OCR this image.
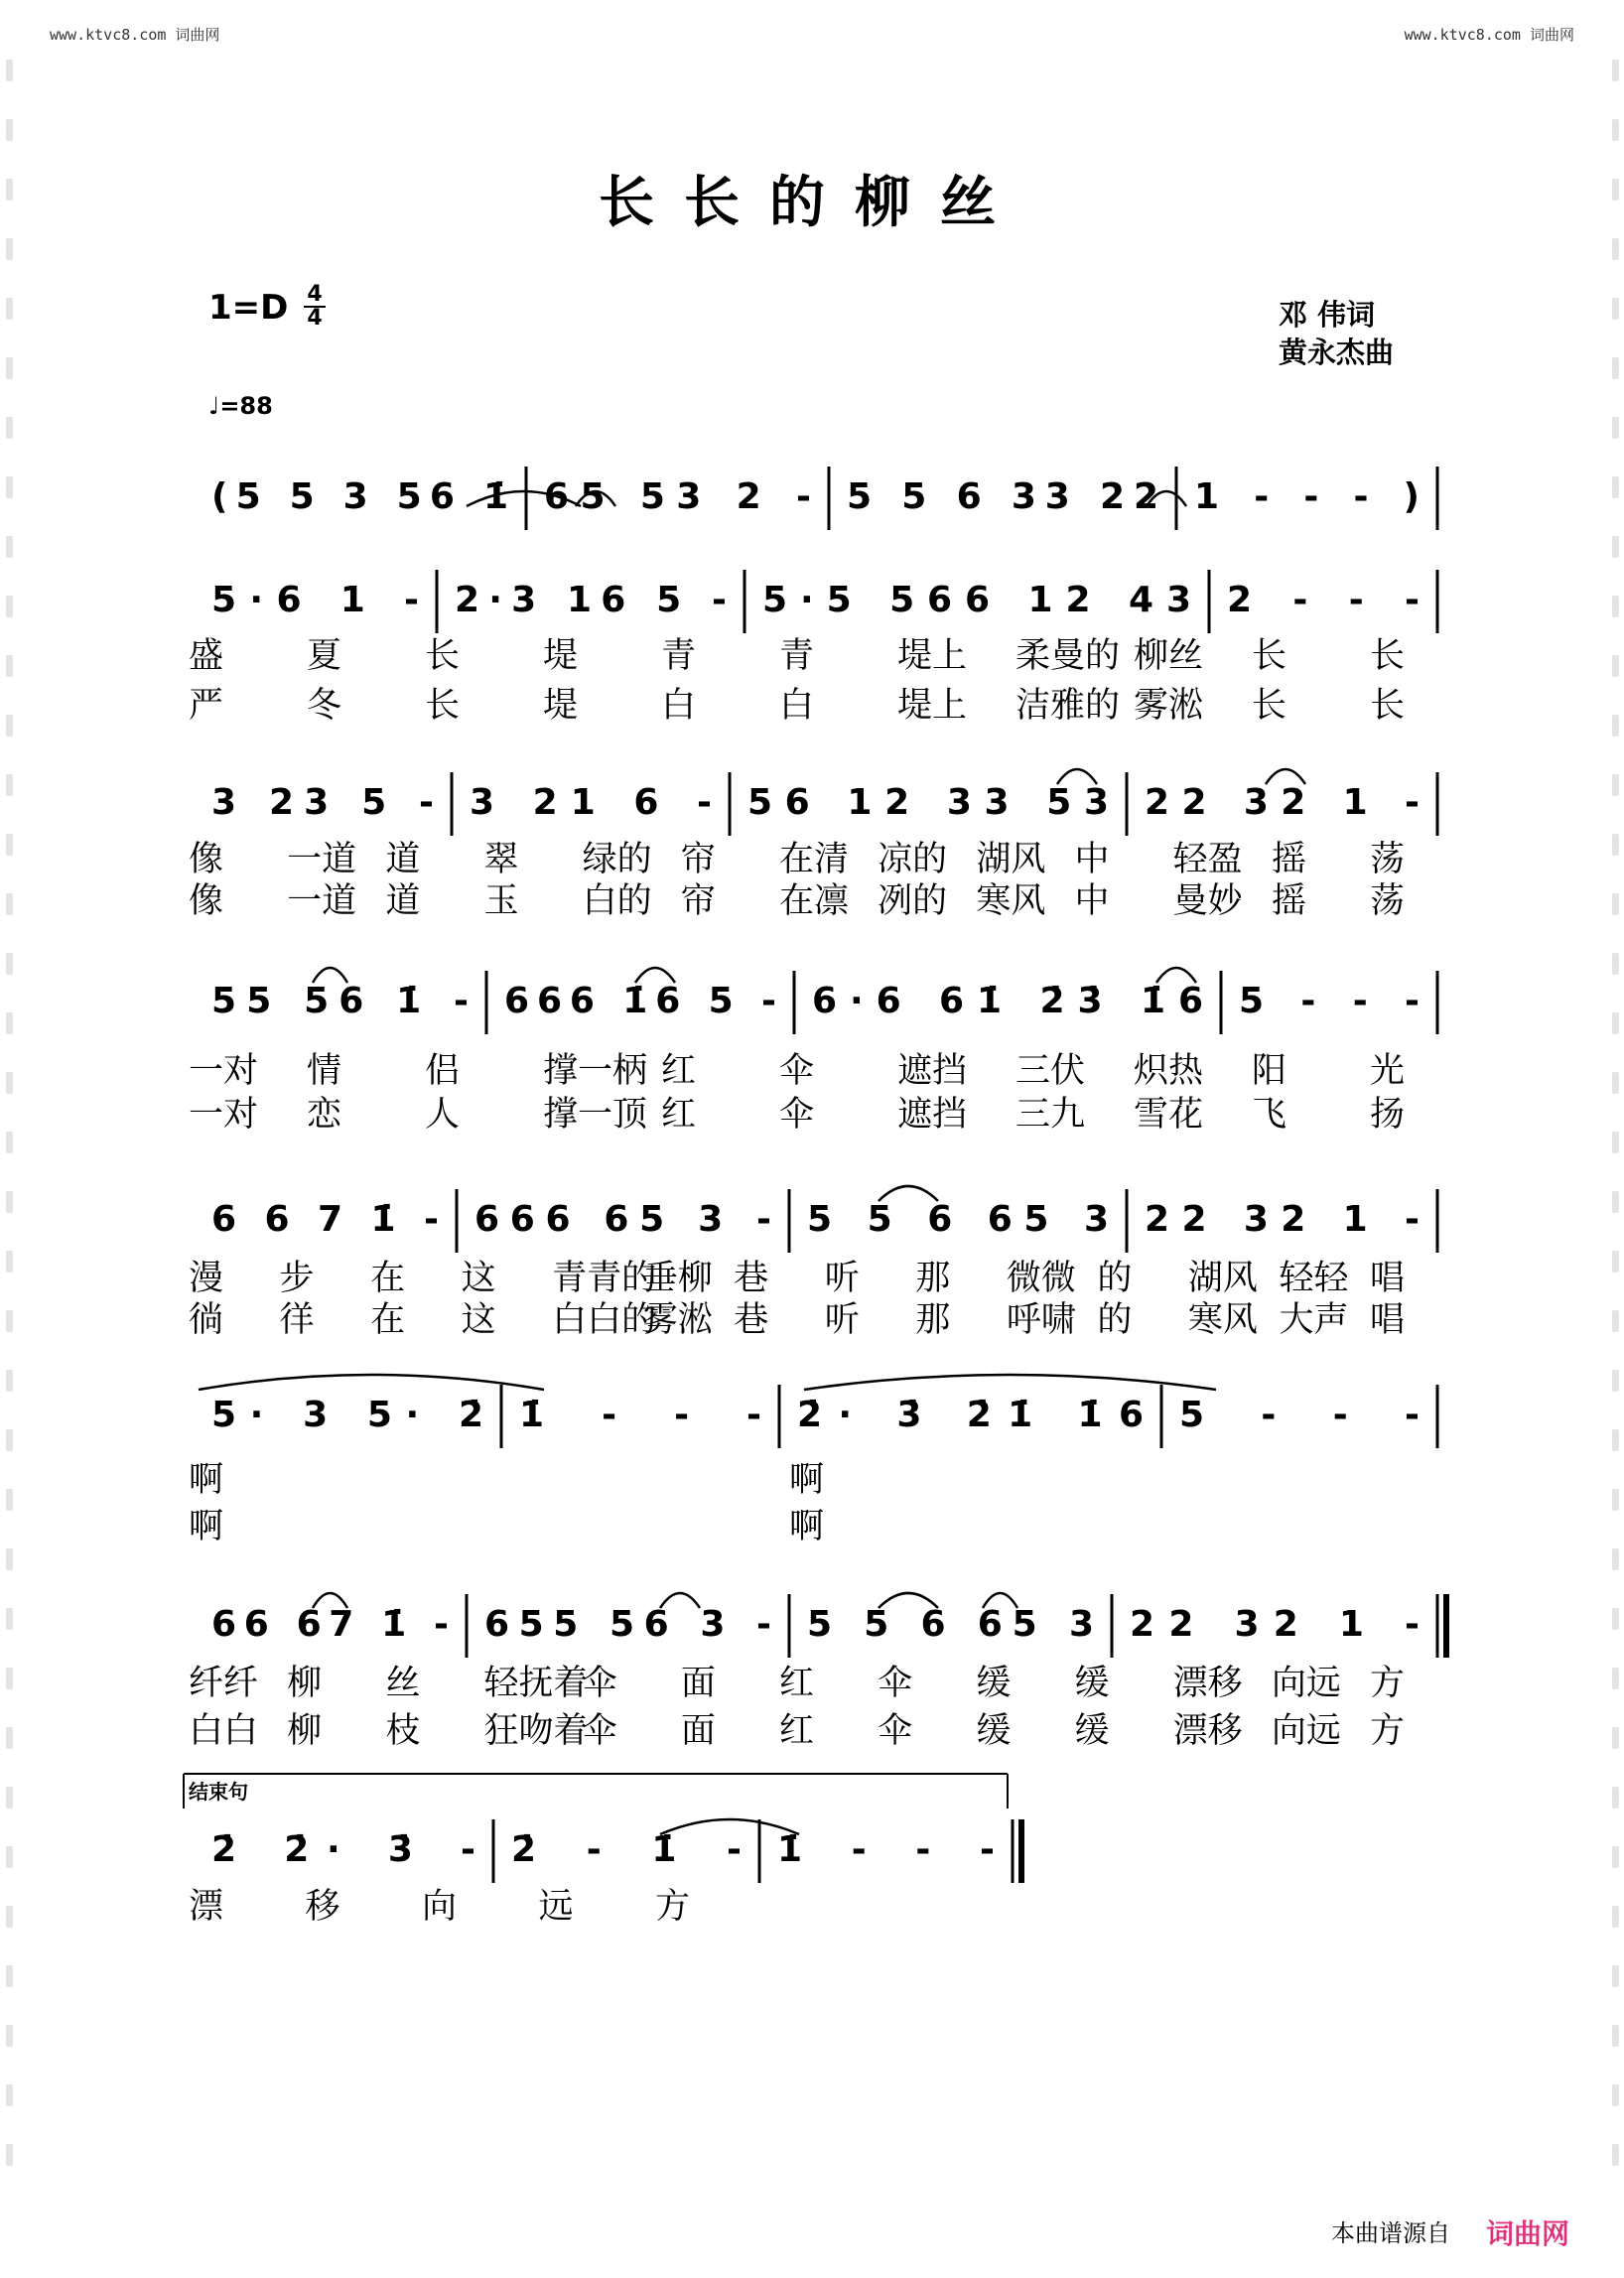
www.ktvc8.com 词曲网	www.ktvc8.com 词曲网
长长的柳丝
1=D 4
4
♩=88
邓 伟词
黄永杰曲
(5 5 3 56 1̇ 65 53 2 - 5 5 6 33 22 1 - - - )
5·6 1 - 2·3 16 5 - 5·5 566 12 43 2 - - -
3 23 5 - 3 21 6 - 56 12 33 53 22 32 1 -
55 56 1̇ - 666 1̇6 5 - 6·6 61̇ 2̇3̇ 1̇6 5 - - -
6 6 7 1̇ - 666 65 3 - 5 5 6 65 3 22 32 1 -
5· 3 5· 2̇ 1̇ - - - 2̇· 3̇ 2̇1̇ 1̇6 5 - - -
66 67 1̇ - 655 56 3 - 5 5 6 65 3 22 32 1 -
2̇ 2̇· 3̇ - 2̇ - 1̇ - 1̇ - - -
结束句
盛 夏 长 堤 青 青 堤上 柔曼的 柳丝 长 长
严 冬 长 堤 白 白 堤上 洁雅的 雾淞 长 长
像 一道 道 翠 绿的 帘 在清 凉的 湖风 中 轻盈 摇 荡
像 一道 道 玉 白的 帘 在凛 冽的 寒风 中 曼妙 摇 荡
一对 情 侣 撑一柄 红 伞 遮挡 三伏 炽热 阳 光
一对 恋 人 撑一顶 红 伞 遮挡 三九 雪花 飞 扬
漫 步 在 这 青青的
垂柳 巷 听 那 微微 的 湖风 轻轻 唱
徜 徉 在 这 白白的
雾淞 巷 听 那 呼啸 的 寒风 大声 唱
啊	啊
啊	啊
纤纤 柳 丝 轻抚着
伞 面 红 伞 缓 缓 漂移 向远 方
白白 柳 枝 狂吻着
伞 面 红 伞 缓 缓 漂移 向远 方
漂 移 向 远 方
本曲谱源自 词曲网
